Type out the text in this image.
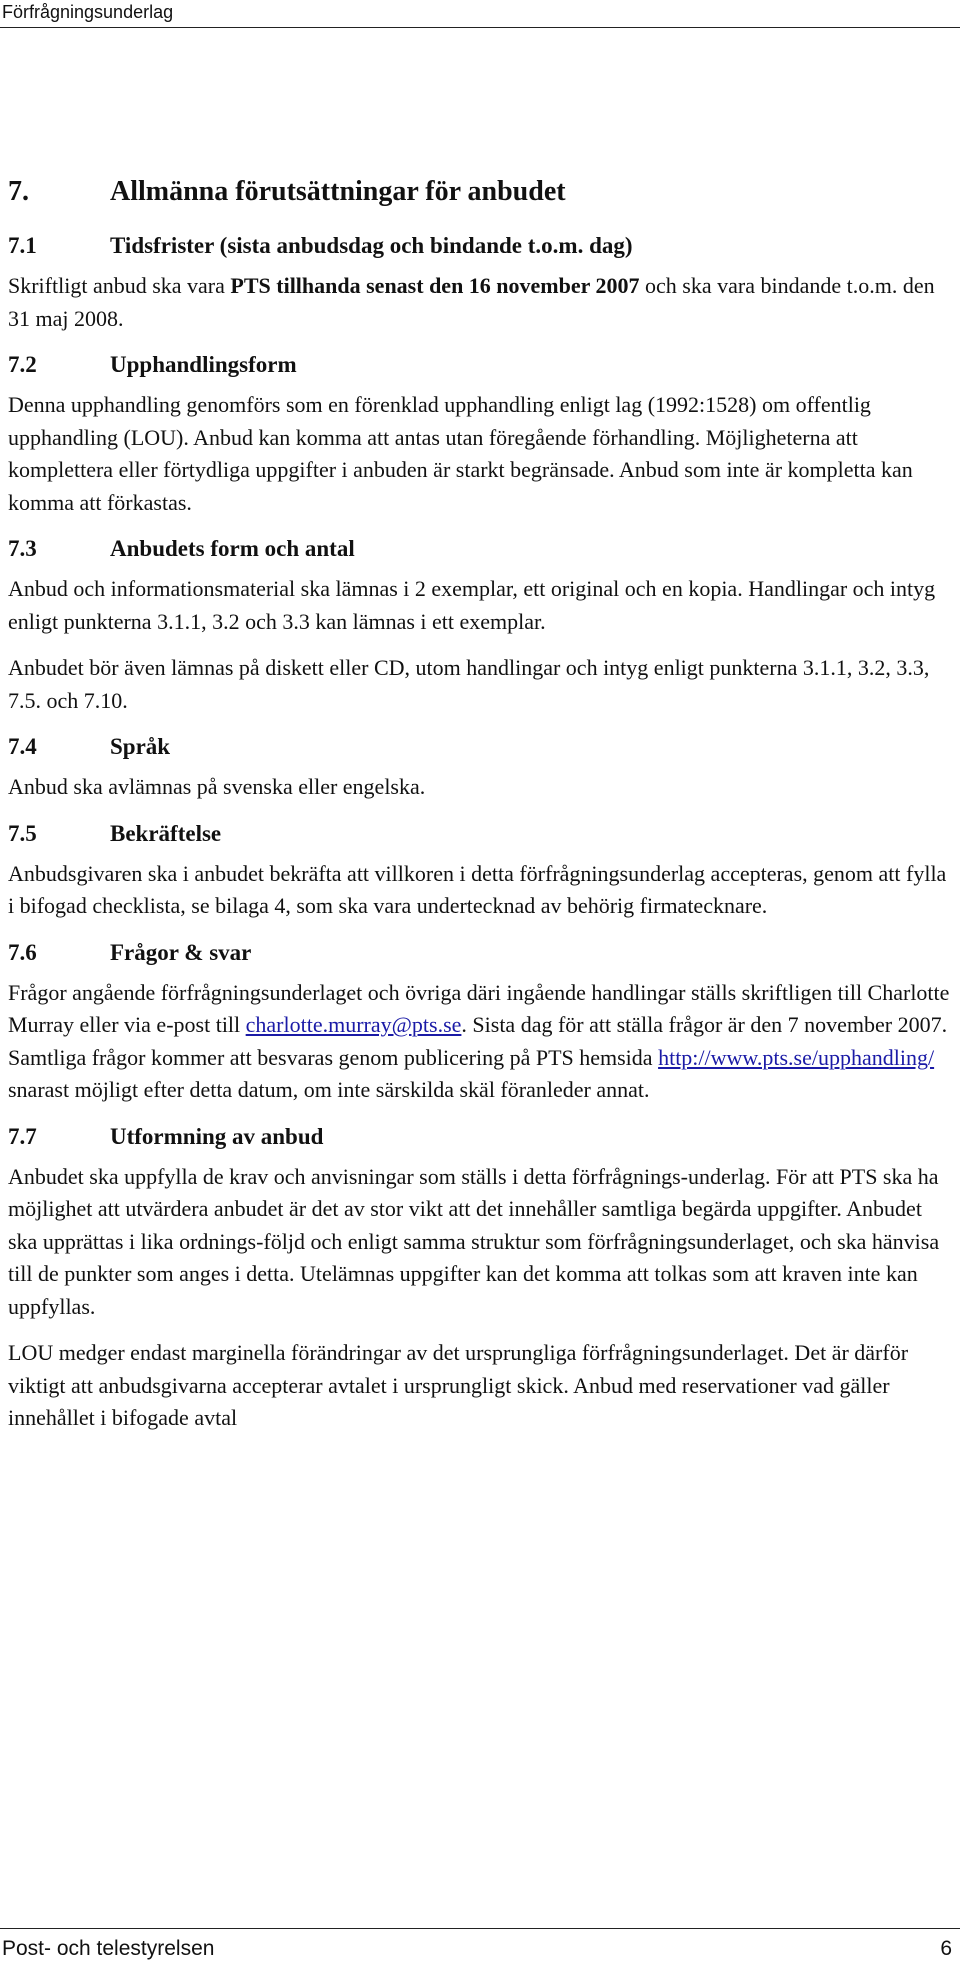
Förfrågningsunderlag
7.	Allmänna förutsättningar för anbudet
7.1	Tidsfrister (sista anbudsdag och bindande t.o.m. dag)

Skriftligt anbud ska vara PTS tillhanda senast den 16 november 2007 och ska vara bindande t.o.m. den 31 maj 2008.

7.2	Upphandlingsform

Denna upphandling genomförs som en förenklad upphandling enligt lag (1992:1528) om offentlig upphandling (LOU). Anbud kan komma att antas utan föregående förhandling. Möjligheterna att komplettera eller förtydliga uppgifter i anbuden är starkt begränsade. Anbud som inte är kompletta kan komma att förkastas.

7.3	Anbudets form och antal

Anbud och informationsmaterial ska lämnas i 2 exemplar, ett original och en kopia. Handlingar och intyg enligt punkterna 3.1.1, 3.2 och 3.3 kan lämnas i ett exemplar.

Anbudet bör även lämnas på diskett eller CD, utom handlingar och intyg enligt punkterna 3.1.1, 3.2, 3.3, 7.5. och 7.10.

7.4	Språk

Anbud ska avlämnas på svenska eller engelska.

7.5	Bekräftelse

Anbudsgivaren ska i anbudet bekräfta att villkoren i detta förfrågningsunderlag accepteras, genom att fylla i bifogad checklista, se bilaga 4, som ska vara undertecknad av behörig firmatecknare.

7.6	Frågor & svar

Frågor angående förfrågningsunderlaget och övriga däri ingående handlingar ställs skriftligen till Charlotte Murray eller via e-post till charlotte.murray@pts.se. Sista dag för att ställa frågor är den 7 november 2007. Samtliga frågor kommer att besvaras genom publicering på PTS hemsida http://www.pts.se/upphandling/ snarast möjligt efter detta datum, om inte särskilda skäl föranleder annat.

7.7	Utformning av anbud

Anbudet ska uppfylla de krav och anvisningar som ställs i detta förfrågnings-underlag. För att PTS ska ha möjlighet att utvärdera anbudet är det av stor vikt att det innehåller samtliga begärda uppgifter. Anbudet ska upprättas i lika ordnings-följd och enligt samma struktur som förfrågningsunderlaget, och ska hänvisa till de punkter som anges i detta. Utelämnas uppgifter kan det komma att tolkas som att kraven inte kan uppfyllas.

LOU medger endast marginella förändringar av det ursprungliga förfrågningsunderlaget. Det är därför viktigt att anbudsgivarna accepterar avtalet i ursprungligt skick. Anbud med reservationer vad gäller innehållet i bifogade avtal

Post- och telestyrelsen	6
